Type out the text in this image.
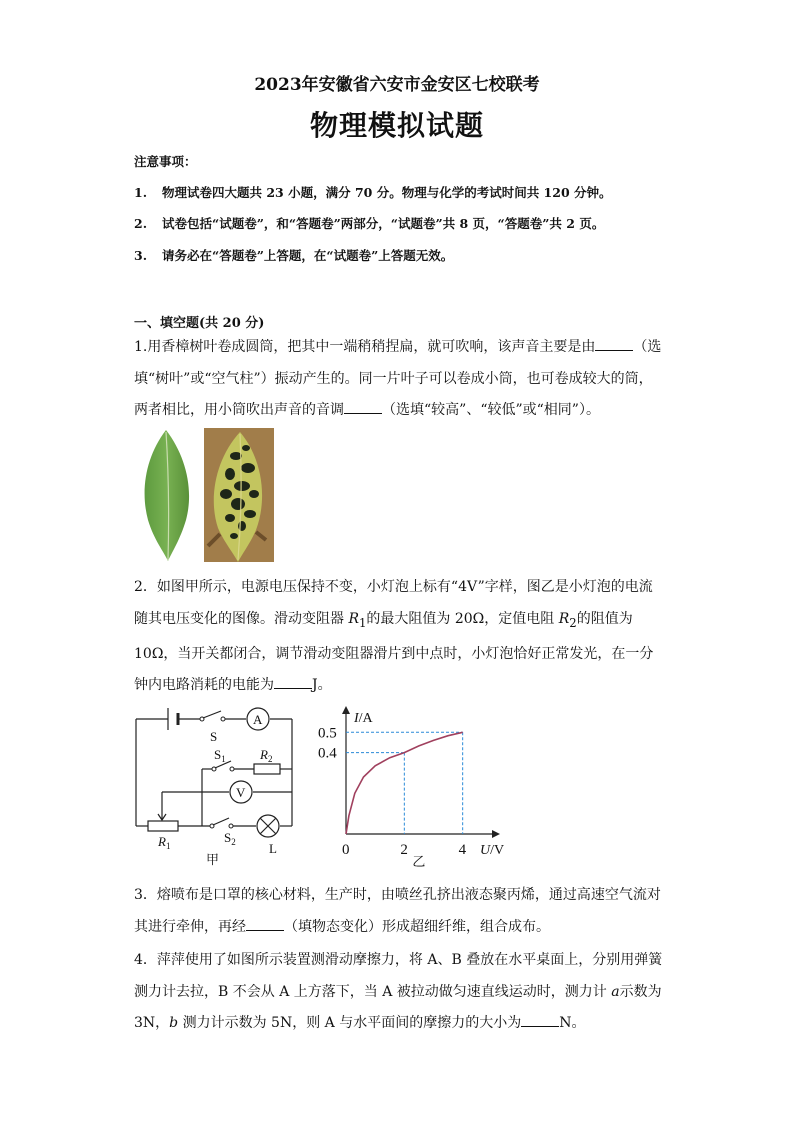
2023年安徽省六安市金安区七校联考
物理模拟试题
注意事项：
1. 物理试卷四大题共 23 小题，满分 70 分。物理与化学的考试时间共 120 分钟。
2. 试卷包括“试题卷”，和“答题卷”两部分，“试题卷”共 8 页，“答题卷”共 2 页。
3. 请务必在“答题卷”上答题，在“试题卷”上答题无效。
一、填空题(共 20 分)
1.用香樟树叶卷成圆筒，把其中一端稍稍捏扁，就可吹响，该声音主要是由	（选填“树叶”或“空气柱”）振动产生的。同一片叶子可以卷成小筒，也可卷成较大的筒，两者相比，用小筒吹出声音的音调	（选填“较高”、“较低”或“相同”）。
2．如图甲所示，电源电压保持不变，小灯泡上标有“4V”字样，图乙是小灯泡的电流随其电压变化的图像。滑动变阻器 $R_1$的最大阻值为 20Ω，定值电阻 $R_2$的阻值为 10Ω，当开关都闭合，调节滑动变阻器滑片到中点时，小灯泡恰好正常发光，在一分钟内电路消耗的电能为	J。
S
A
$S_1$	$R_2$
V
$R_1$
$S_2$	L
甲
0	2	4
0.4
0.5
I/A
U/V
乙
3．熔喷布是口罩的核心材料，生产时，由喷丝孔挤出液态聚丙烯，通过高速空气流对其进行牵伸，再经	（填物态变化）形成超细纤维，组合成布。
4．萍萍使用了如图所示装置测滑动摩擦力，将 A、B 叠放在水平桌面上，分别用弹簧测力计去拉，B 不会从 A 上方落下，当 A 被拉动做匀速直线运动时，测力计 a示数为 3N，b 测力计示数为 5N，则 A 与水平面间的摩擦力的大小为	N。
